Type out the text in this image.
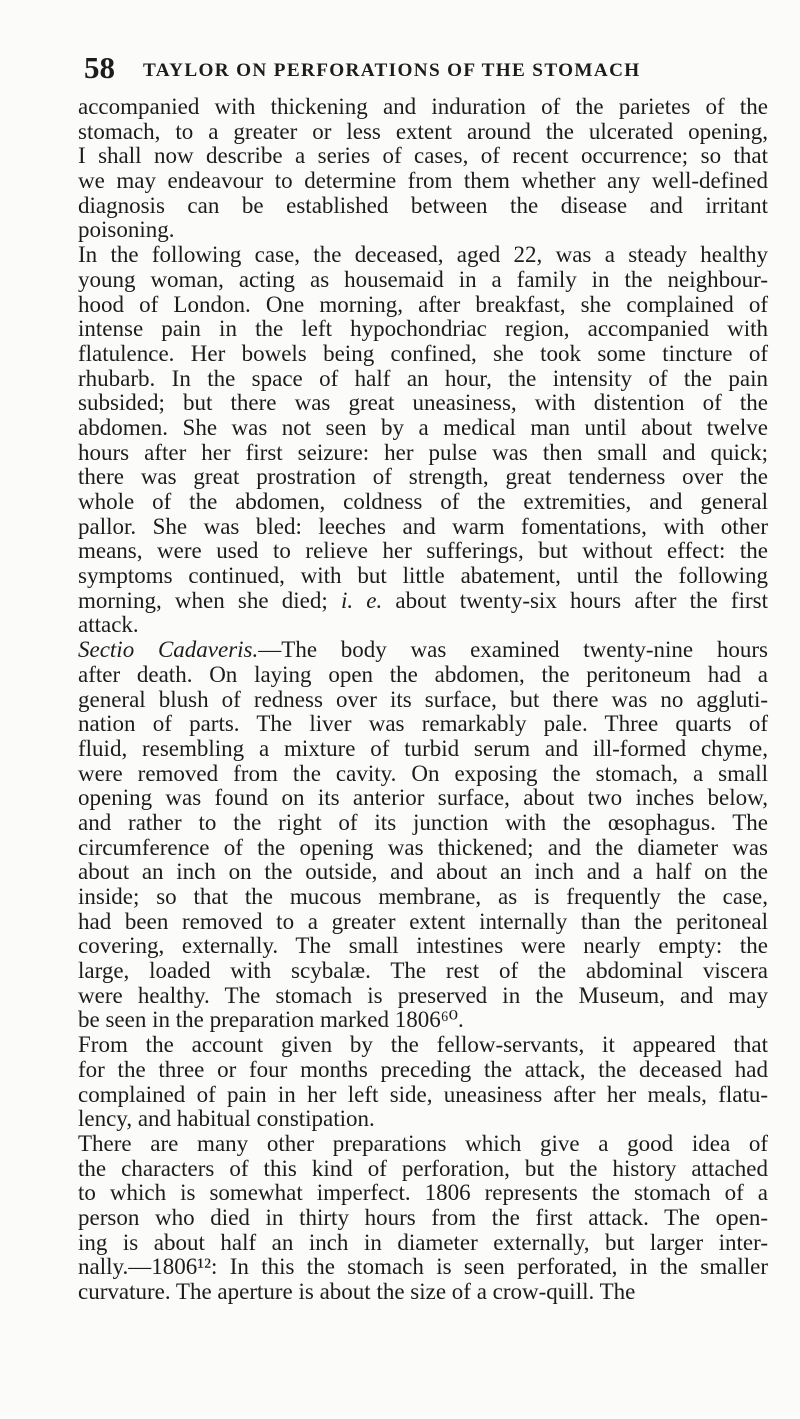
58 TAYLOR ON PERFORATIONS OF THE STOMACH
accompanied with thickening and induration of the parietes of the
stomach, to a greater or less extent around the ulcerated opening,
I shall now describe a series of cases, of recent occurrence; so that
we may endeavour to determine from them whether any well-defined
diagnosis can be established between the disease and irritant
poisoning.
In the following case, the deceased, aged 22, was a steady healthy
young woman, acting as housemaid in a family in the neighbour-
hood of London. One morning, after breakfast, she complained of
intense pain in the left hypochondriac region, accompanied with
flatulence. Her bowels being confined, she took some tincture of
rhubarb. In the space of half an hour, the intensity of the pain
subsided; but there was great uneasiness, with distention of the
abdomen. She was not seen by a medical man until about twelve
hours after her first seizure: her pulse was then small and quick;
there was great prostration of strength, great tenderness over the
whole of the abdomen, coldness of the extremities, and general
pallor. She was bled: leeches and warm fomentations, with other
means, were used to relieve her sufferings, but without effect: the
symptoms continued, with but little abatement, until the following
morning, when she died; i. e. about twenty-six hours after the first
attack.
Sectio Cadaveris.—The body was examined twenty-nine hours
after death. On laying open the abdomen, the peritoneum had a
general blush of redness over its surface, but there was no aggluti-
nation of parts. The liver was remarkably pale. Three quarts of
fluid, resembling a mixture of turbid serum and ill-formed chyme,
were removed from the cavity. On exposing the stomach, a small
opening was found on its anterior surface, about two inches below,
and rather to the right of its junction with the œsophagus. The
circumference of the opening was thickened; and the diameter was
about an inch on the outside, and about an inch and a half on the
inside; so that the mucous membrane, as is frequently the case,
had been removed to a greater extent internally than the peritoneal
covering, externally. The small intestines were nearly empty: the
large, loaded with scybalæ. The rest of the abdominal viscera
were healthy. The stomach is preserved in the Museum, and may
be seen in the preparation marked 1806⁶⁰.
From the account given by the fellow-servants, it appeared that
for the three or four months preceding the attack, the deceased had
complained of pain in her left side, uneasiness after her meals, flatu-
lency, and habitual constipation.
There are many other preparations which give a good idea of
the characters of this kind of perforation, but the history attached
to which is somewhat imperfect. 1806 represents the stomach of a
person who died in thirty hours from the first attack. The open-
ing is about half an inch in diameter externally, but larger inter-
nally.—1806¹²: In this the stomach is seen perforated, in the smaller
curvature. The aperture is about the size of a crow-quill. The
